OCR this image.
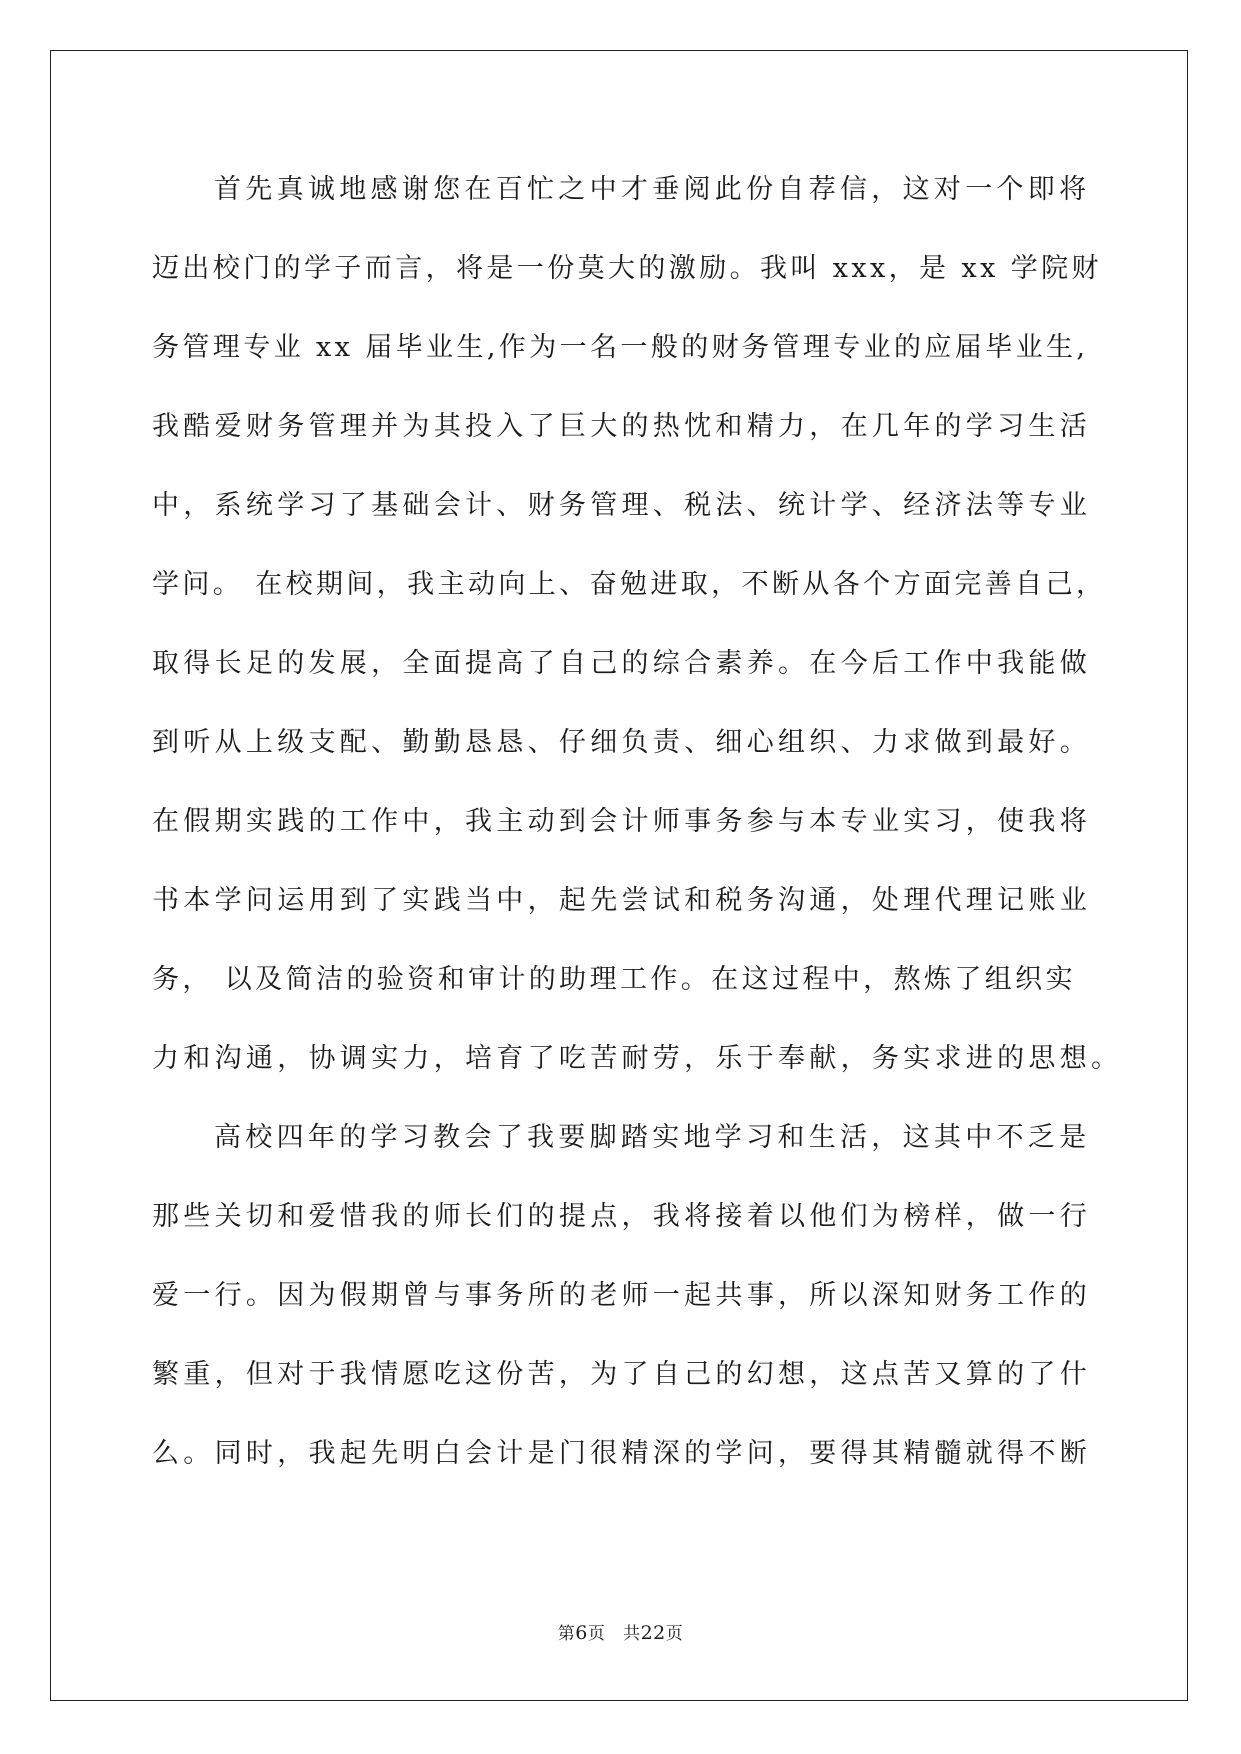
首先真诚地感谢您在百忙之中才垂阅此份自荐信，这对一个即将
迈出校门的学子而言，将是一份莫大的激励。我叫 xxx，是 xx 学院财
务管理专业 xx 届毕业生,作为一名一般的财务管理专业的应届毕业生,
我酷爱财务管理并为其投入了巨大的热忱和精力，在几年的学习生活
中，系统学习了基础会计、财务管理、税法、统计学、经济法等专业
学问。 在校期间，我主动向上、奋勉进取，不断从各个方面完善自己，
取得长足的发展，全面提高了自己的综合素养。在今后工作中我能做
到听从上级支配、勤勤恳恳、仔细负责、细心组织、力求做到最好。
在假期实践的工作中，我主动到会计师事务参与本专业实习，使我将
书本学问运用到了实践当中，起先尝试和税务沟通，处理代理记账业
务， 以及简洁的验资和审计的助理工作。在这过程中，熬炼了组织实
力和沟通，协调实力，培育了吃苦耐劳，乐于奉献，务实求进的思想。
高校四年的学习教会了我要脚踏实地学习和生活，这其中不乏是
那些关切和爱惜我的师长们的提点，我将接着以他们为榜样，做一行
爱一行。因为假期曾与事务所的老师一起共事，所以深知财务工作的
繁重，但对于我情愿吃这份苦，为了自己的幻想，这点苦又算的了什
么。同时，我起先明白会计是门很精深的学问，要得其精髓就得不断
第6页 共22页
